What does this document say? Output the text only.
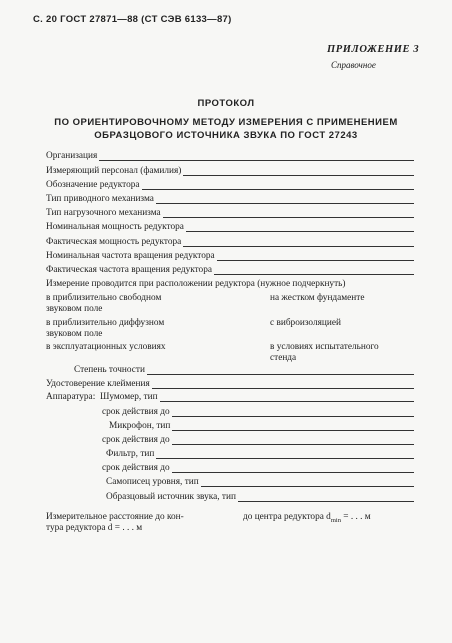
С. 20 ГОСТ 27871—88 (СТ СЭВ 6133—87)
ПРИЛОЖЕНИЕ 3
Справочное
ПРОТОКОЛ
ПО ОРИЕНТИРОВОЧНОМУ МЕТОДУ ИЗМЕРЕНИЯ С ПРИМЕНЕНИЕМ
ОБРАЗЦОВОГО ИСТОЧНИКА ЗВУКА ПО ГОСТ 27243
Организация
Измеряющий персонал (фамилия)
Обозначение редуктора
Тип приводного механизма
Тип нагрузочного механизма
Номинальная мощность редуктора
Фактическая мощность редуктора
Номинальная частота вращения редуктора
Фактическая частота вращения редуктора
Измерение проводится при расположении редуктора (нужное подчеркнуть)
в приблизительно свободном звуковом поле
на жестком фундаменте
в приблизительно диффузном звуковом поле
с виброизоляцией
в эксплуатационных условиях	в условиях испытательного стенда
Степень точности
Удостоверение клеймения
Аппаратура: Шумомер, тип
срок действия до
Микрофон, тип
срок действия до
Фильтр, тип
срок действия до
Самописец уровня, тип
Образцовый источник звука, тип
Измерительное расстояние до кон-
тура редуктора d = . . . м
до центра редуктора $d_{min}$ = . . . м
